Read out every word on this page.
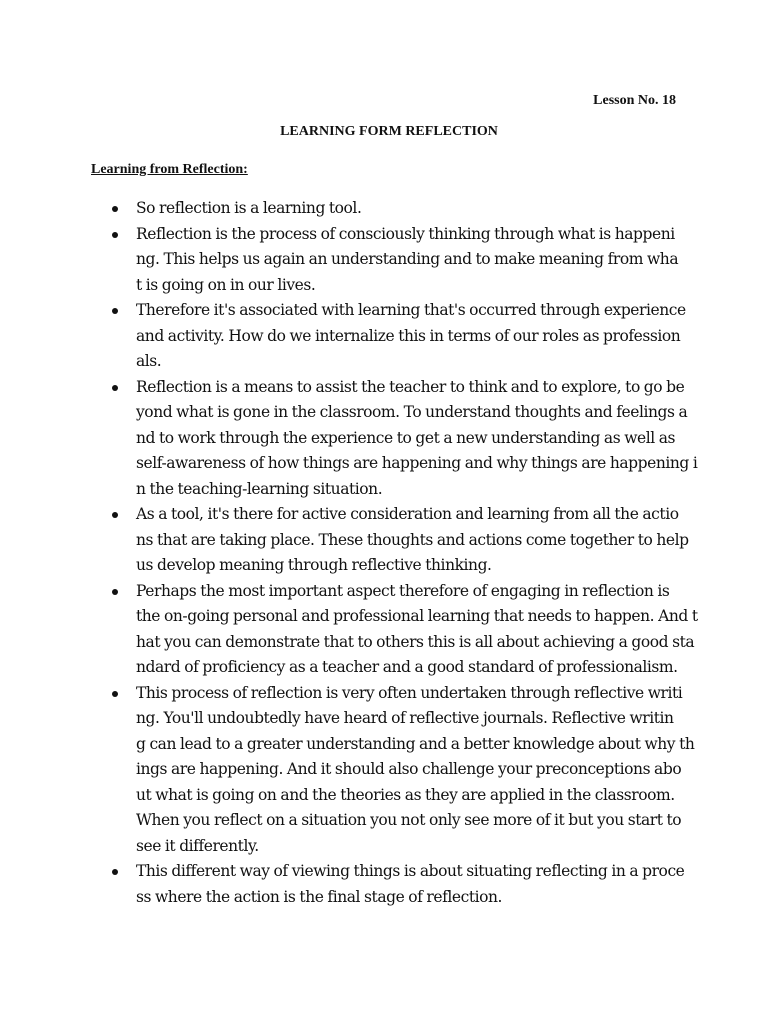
Lesson No. 18
LEARNING FORM REFLECTION
Learning from Reflection:
So reflection is a learning tool.
Reflection is the process of consciously thinking through what is happeni
ng. This helps us again an understanding and to make meaning from wha
t is going on in our lives.
Therefore it's associated with learning that's occurred through experience
and activity. How do we internalize this in terms of our roles as profession
als.
Reflection is a means to assist the teacher to think and to explore, to go be
yond what is gone in the classroom. To understand thoughts and feelings a
nd to work through the experience to get a new understanding as well as
self-awareness of how things are happening and why things are happening i
n the teaching-learning situation.
As a tool, it's there for active consideration and learning from all the actio
ns that are taking place. These thoughts and actions come together to help
us develop meaning through reflective thinking.
Perhaps the most important aspect therefore of engaging in reflection is
the on-going personal and professional learning that needs to happen. And t
hat you can demonstrate that to others this is all about achieving a good sta
ndard of proficiency as a teacher and a good standard of professionalism.
This process of reflection is very often undertaken through reflective writi
ng. You'll undoubtedly have heard of reflective journals. Reflective writin
g can lead to a greater understanding and a better knowledge about why th
ings are happening. And it should also challenge your preconceptions abo
ut what is going on and the theories as they are applied in the classroom.
When you reflect on a situation you not only see more of it but you start to
see it differently.
This different way of viewing things is about situating reflecting in a proce
ss where the action is the final stage of reflection.
